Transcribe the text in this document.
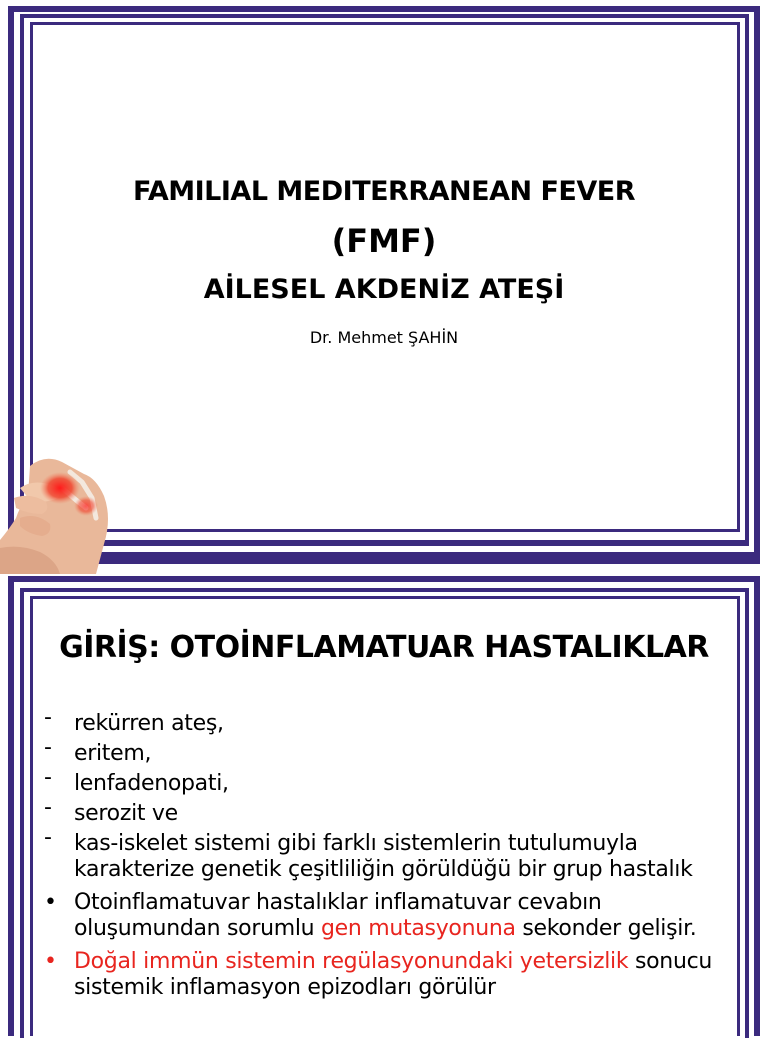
FAMILIAL MEDITERRANEAN FEVER
(FMF)
AİLESEL AKDENİZ ATEŞİ
Dr. Mehmet ŞAHİN
GİRİŞ: OTOİNFLAMATUAR HASTALIKLAR
-	rekürren ateş,
-	eritem,
-	lenfadenopati,
-	serozit ve
-	kas-iskelet sistemi gibi farklı sistemlerin tutulumuyla karakterize genetik çeşitliliğin görüldüğü bir grup hastalık
• Otoinflamatuvar hastalıklar inflamatuvar cevabın oluşumundan sorumlu gen mutasyonuna sekonder gelişir.
• Doğal immün sistemin regülasyonundaki yetersizlik sonucu sistemik inflamasyon epizodları görülür
